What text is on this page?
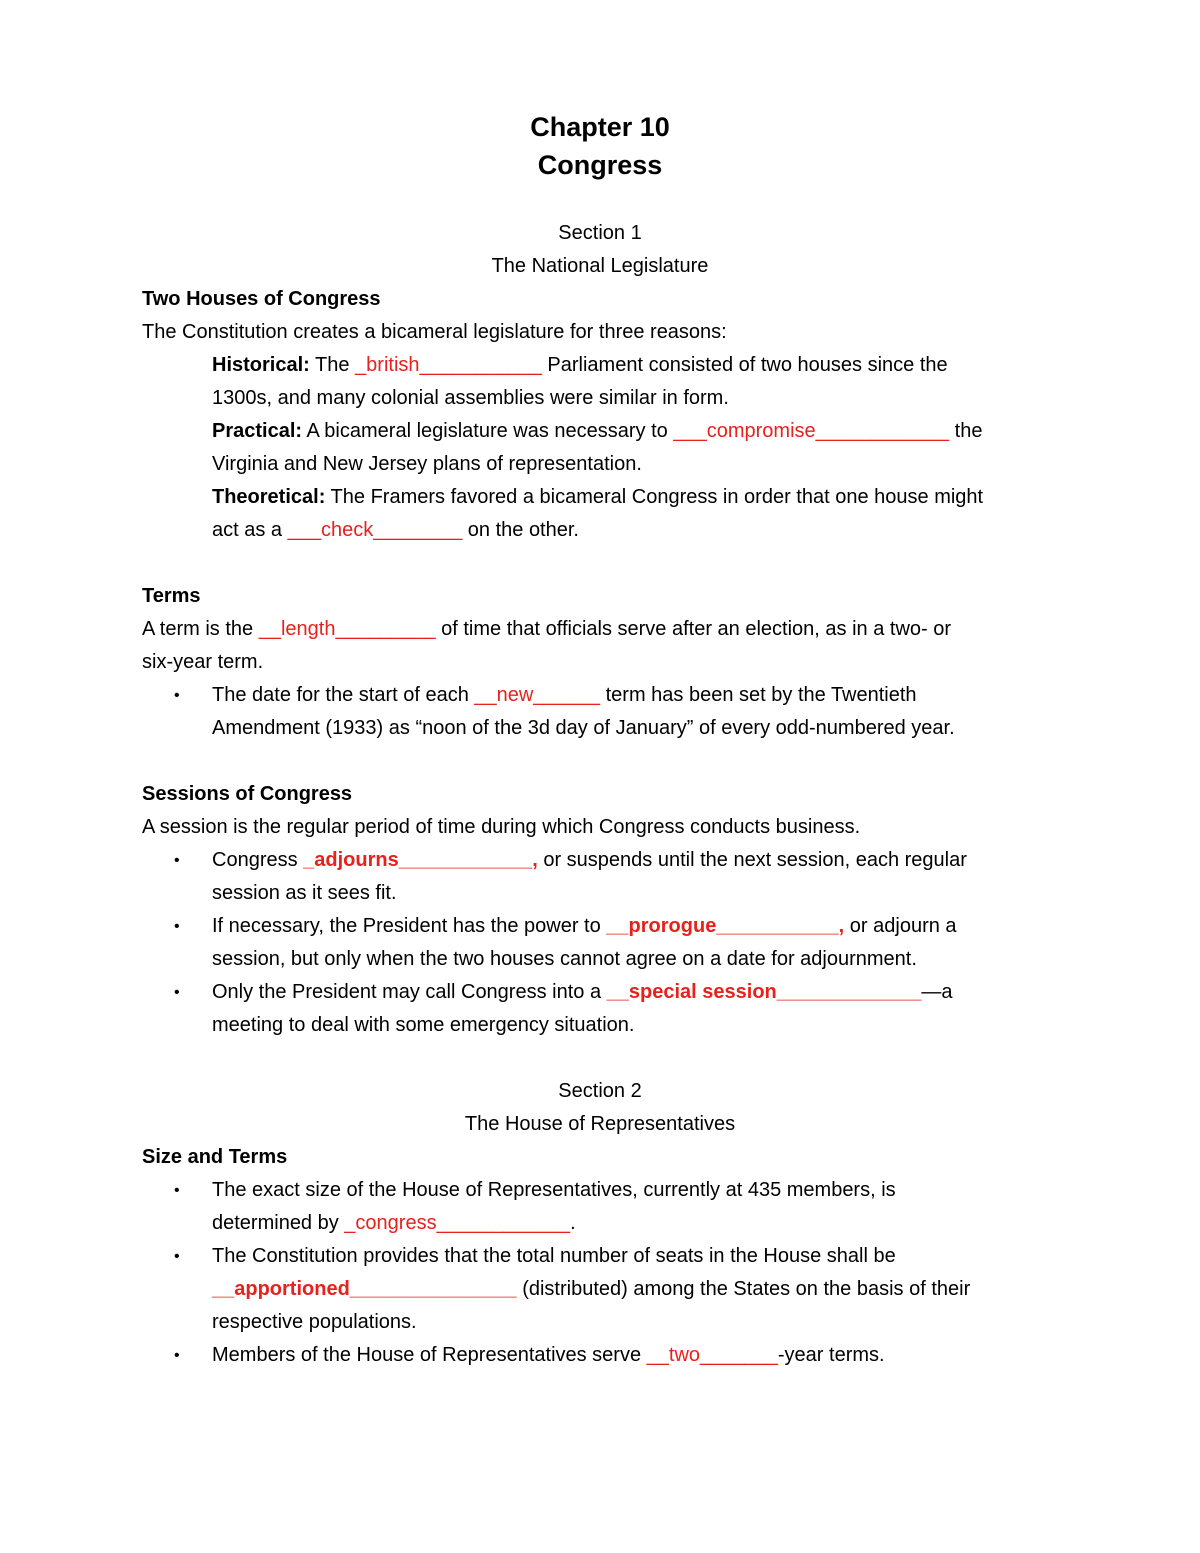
Chapter 10
Congress
Section 1
The National Legislature
Two Houses of Congress
The Constitution creates a bicameral legislature for three reasons:
Historical: The _british___________ Parliament consisted of two houses since the
1300s, and many colonial assemblies were similar in form.
Practical: A bicameral legislature was necessary to ___compromise____________ the
Virginia and New Jersey plans of representation.
Theoretical: The Framers favored a bicameral Congress in order that one house might
act as a ___check________ on the other.
Terms
A term is the __length_________ of time that officials serve after an election, as in a two- or
six-year term.
• The date for the start of each __new______ term has been set by the Twentieth
Amendment (1933) as “noon of the 3d day of January” of every odd-numbered year.
Sessions of Congress
A session is the regular period of time during which Congress conducts business.
• Congress _adjourns____________, or suspends until the next session, each regular
session as it sees fit.
• If necessary, the President has the power to __prorogue___________, or adjourn a
session, but only when the two houses cannot agree on a date for adjournment.
• Only the President may call Congress into a __special session_____________—a
meeting to deal with some emergency situation.
Section 2
The House of Representatives
Size and Terms
• The exact size of the House of Representatives, currently at 435 members, is
determined by _congress____________.
• The Constitution provides that the total number of seats in the House shall be
__apportioned_______________ (distributed) among the States on the basis of their
respective populations.
• Members of the House of Representatives serve __two_______-year terms.
